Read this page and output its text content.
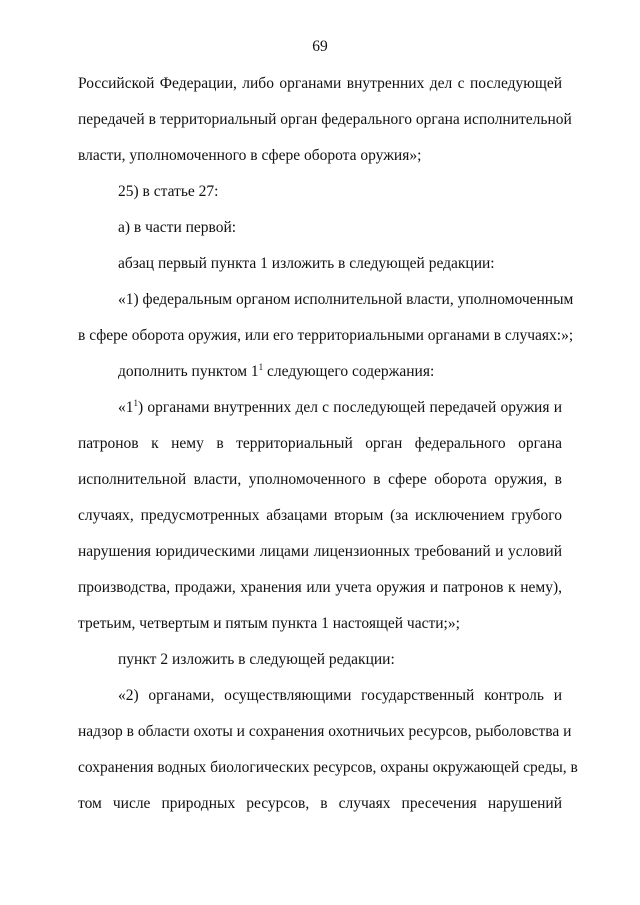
69
Российской Федерации, либо органами внутренних дел с последующей
передачей в территориальный орган федерального органа исполнительной
власти, уполномоченного в сфере оборота оружия»;
25) в статье 27:
а) в части первой:
абзац первый пункта 1 изложить в следующей редакции:
«1) федеральным органом исполнительной власти, уполномоченным
в сфере оборота оружия, или его территориальными органами в случаях:»;
дополнить пунктом $1^1$ следующего содержания:
«$1^1$) органами внутренних дел с последующей передачей оружия и
патронов к нему в территориальный орган федерального органа
исполнительной власти, уполномоченного в сфере оборота оружия, в
случаях, предусмотренных абзацами вторым (за исключением грубого
нарушения юридическими лицами лицензионных требований и условий
производства, продажи, хранения или учета оружия и патронов к нему),
третьим, четвертым и пятым пункта 1 настоящей части;»;
пункт 2 изложить в следующей редакции:
«2) органами, осуществляющими государственный контроль и
надзор в области охоты и сохранения охотничьих ресурсов, рыболовства и
сохранения водных биологических ресурсов, охраны окружающей среды, в
том числе природных ресурсов, в случаях пресечения нарушений
